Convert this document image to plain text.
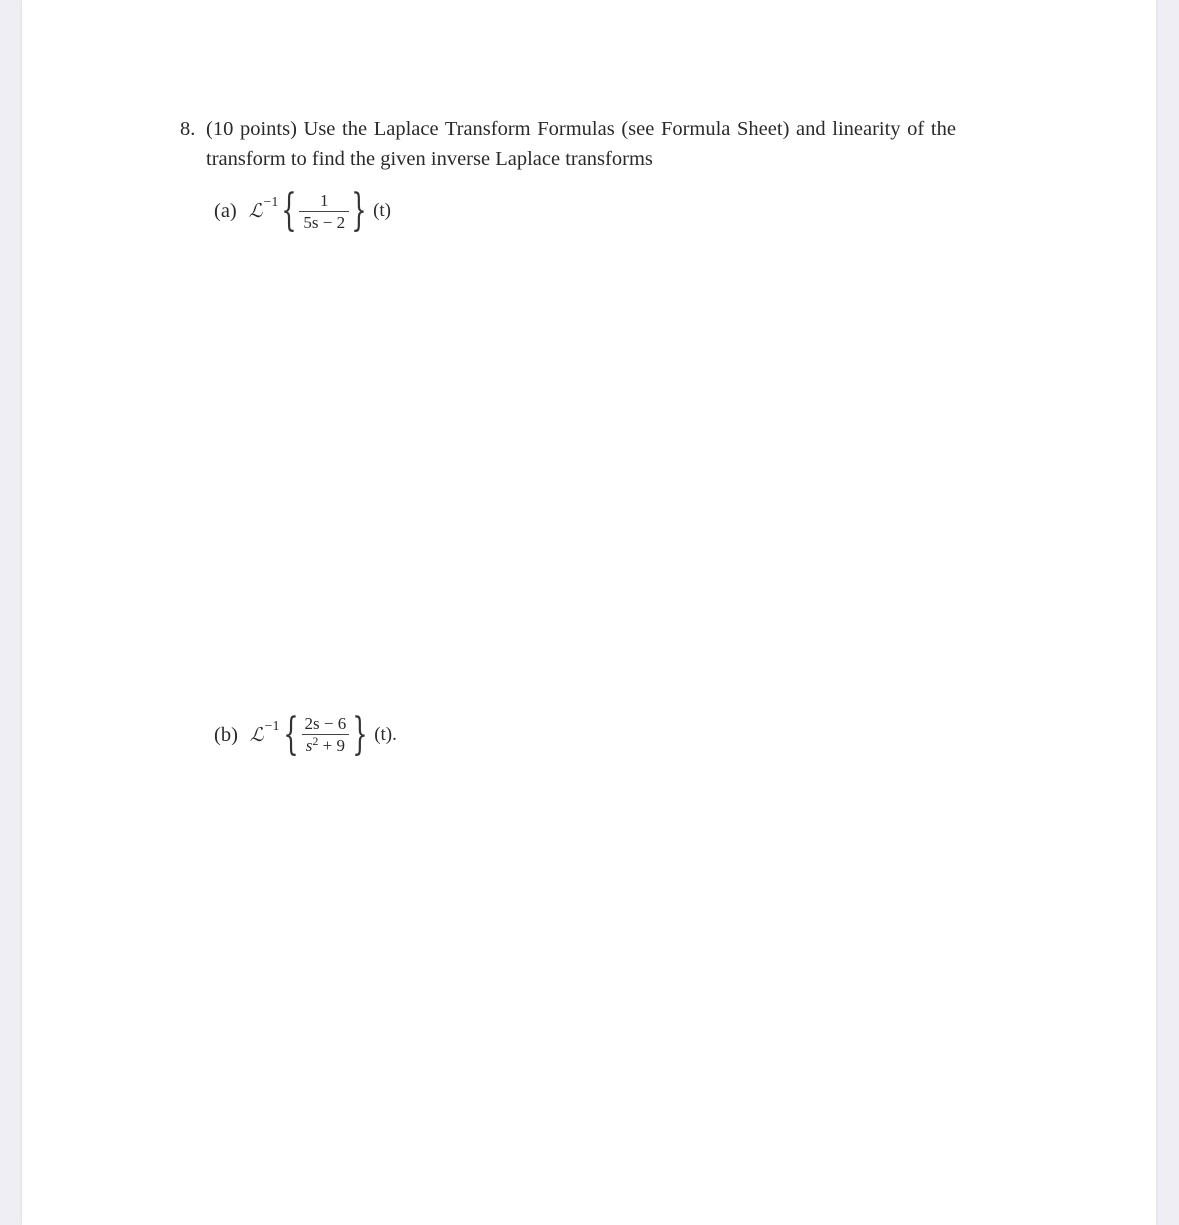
8. (10 points) Use the Laplace Transform Formulas (see Formula Sheet) and linearity of the
transform to find the given inverse Laplace transforms
(a) ℒ −1 { $\frac{1}{5s - 2}$ } (t)
(b) ℒ −1 { $\frac{2s - 6}{s^2 + 9}$ } (t).
